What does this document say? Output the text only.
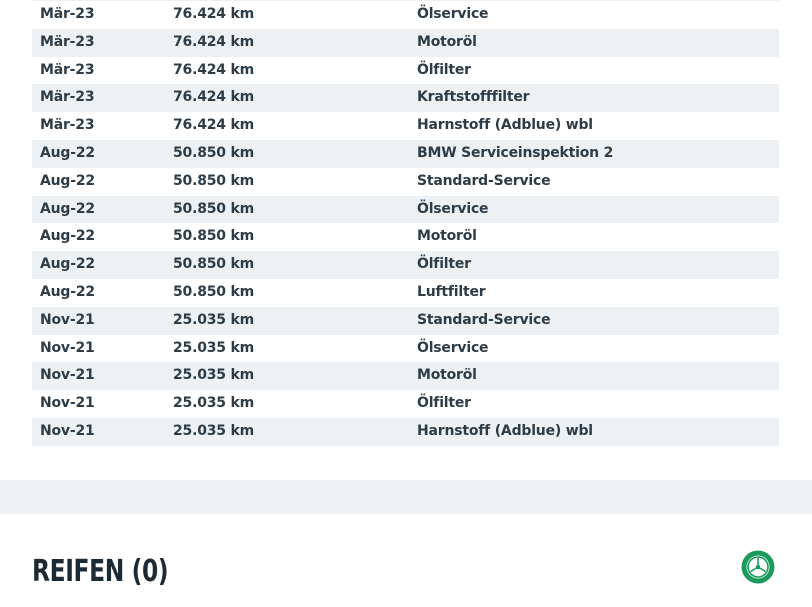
Mär-23	76.424 km	Ölservice
Mär-23	76.424 km	Motoröl
Mär-23	76.424 km	Ölfilter
Mär-23	76.424 km	Kraftstofffilter
Mär-23	76.424 km	Harnstoff (Adblue) wbl
Aug-22	50.850 km	BMW Serviceinspektion 2
Aug-22	50.850 km	Standard-Service
Aug-22	50.850 km	Ölservice
Aug-22	50.850 km	Motoröl
Aug-22	50.850 km	Ölfilter
Aug-22	50.850 km	Luftfilter
Nov-21	25.035 km	Standard-Service
Nov-21	25.035 km	Ölservice
Nov-21	25.035 km	Motoröl
Nov-21	25.035 km	Ölfilter
Nov-21	25.035 km	Harnstoff (Adblue) wbl
REIFEN (0)
